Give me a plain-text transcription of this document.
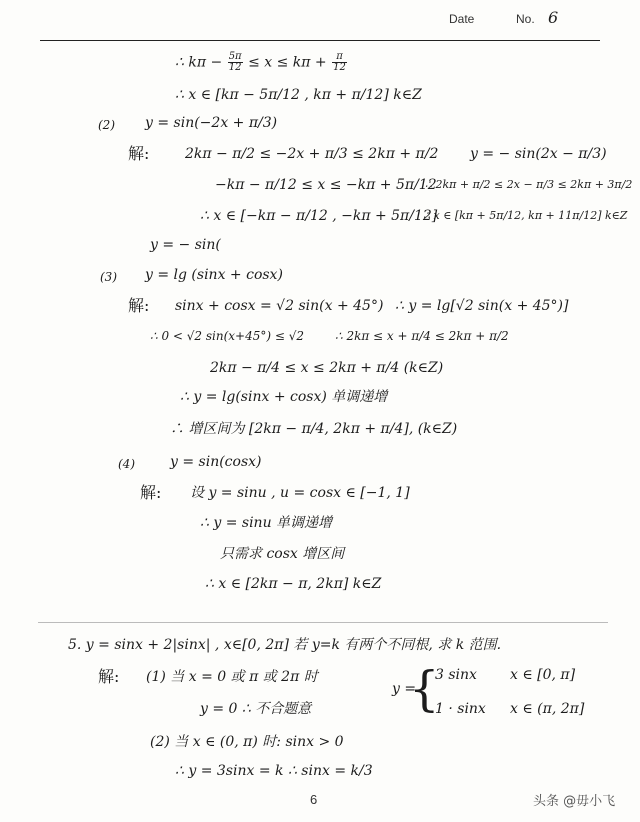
Date	No. 6
∴ $k\pi - \frac{5\pi}{12} \le x \le k\pi + \frac{\pi}{12}$
∴ x ∈ [kπ − 5π/12 , kπ + π/12] k∈Z
(2) y = sin(−2x + π/3)
解:	2kπ − π/2 ≤ −2x + π/3 ≤ 2kπ + π/2 y = − sin(2x − π/3)
−kπ − π/12 ≤ x ≤ −kπ + 5π/12
∴ 2kπ + π/2 ≤ 2x − π/3 ≤ 2kπ + 3π/2
∴ x ∈ [−kπ − π/12 , −kπ + 5π/12]
∴ x ∈ [kπ + 5π/12, kπ + 11π/12] k∈Z
y = − sin(
(3) y = lg (sinx + cosx)
解: sinx + cosx = √2 sin(x + 45°) ∴ y = lg[√2 sin(x + 45°)]
∴ 0 < √2 sin(x+45°) ≤ √2	∴ 2kπ ≤ x + π/4 ≤ 2kπ + π/2
2kπ − π/4 ≤ x ≤ 2kπ + π/4 (k∈Z)
∴ y = lg(sinx + cosx) 单调递增
∴ 增区间为 [2kπ − π/4, 2kπ + π/4], (k∈Z)
(4)	y = sin(cosx)
解: 设 y = sinu , u = cosx ∈ [−1, 1]
∴ y = sinu 单调递增
只需求 cosx 增区间
∴ x ∈ [2kπ − π, 2kπ] k∈Z
5. y = sinx + 2|sinx| , x∈[0, 2π] 若 y=k 有两个不同根, 求 k 范围.
解: (1) 当 x = 0 或 π 或 2π 时
y =
{
3 sinx x ∈ [0, π]
1 · sinx x ∈ (π, 2π]
y = 0 ∴ 不合题意
(2) 当 x ∈ (0, π) 时: sinx > 0
∴ y = 3sinx = k ∴ sinx = k/3
6	头条 @毋小飞
